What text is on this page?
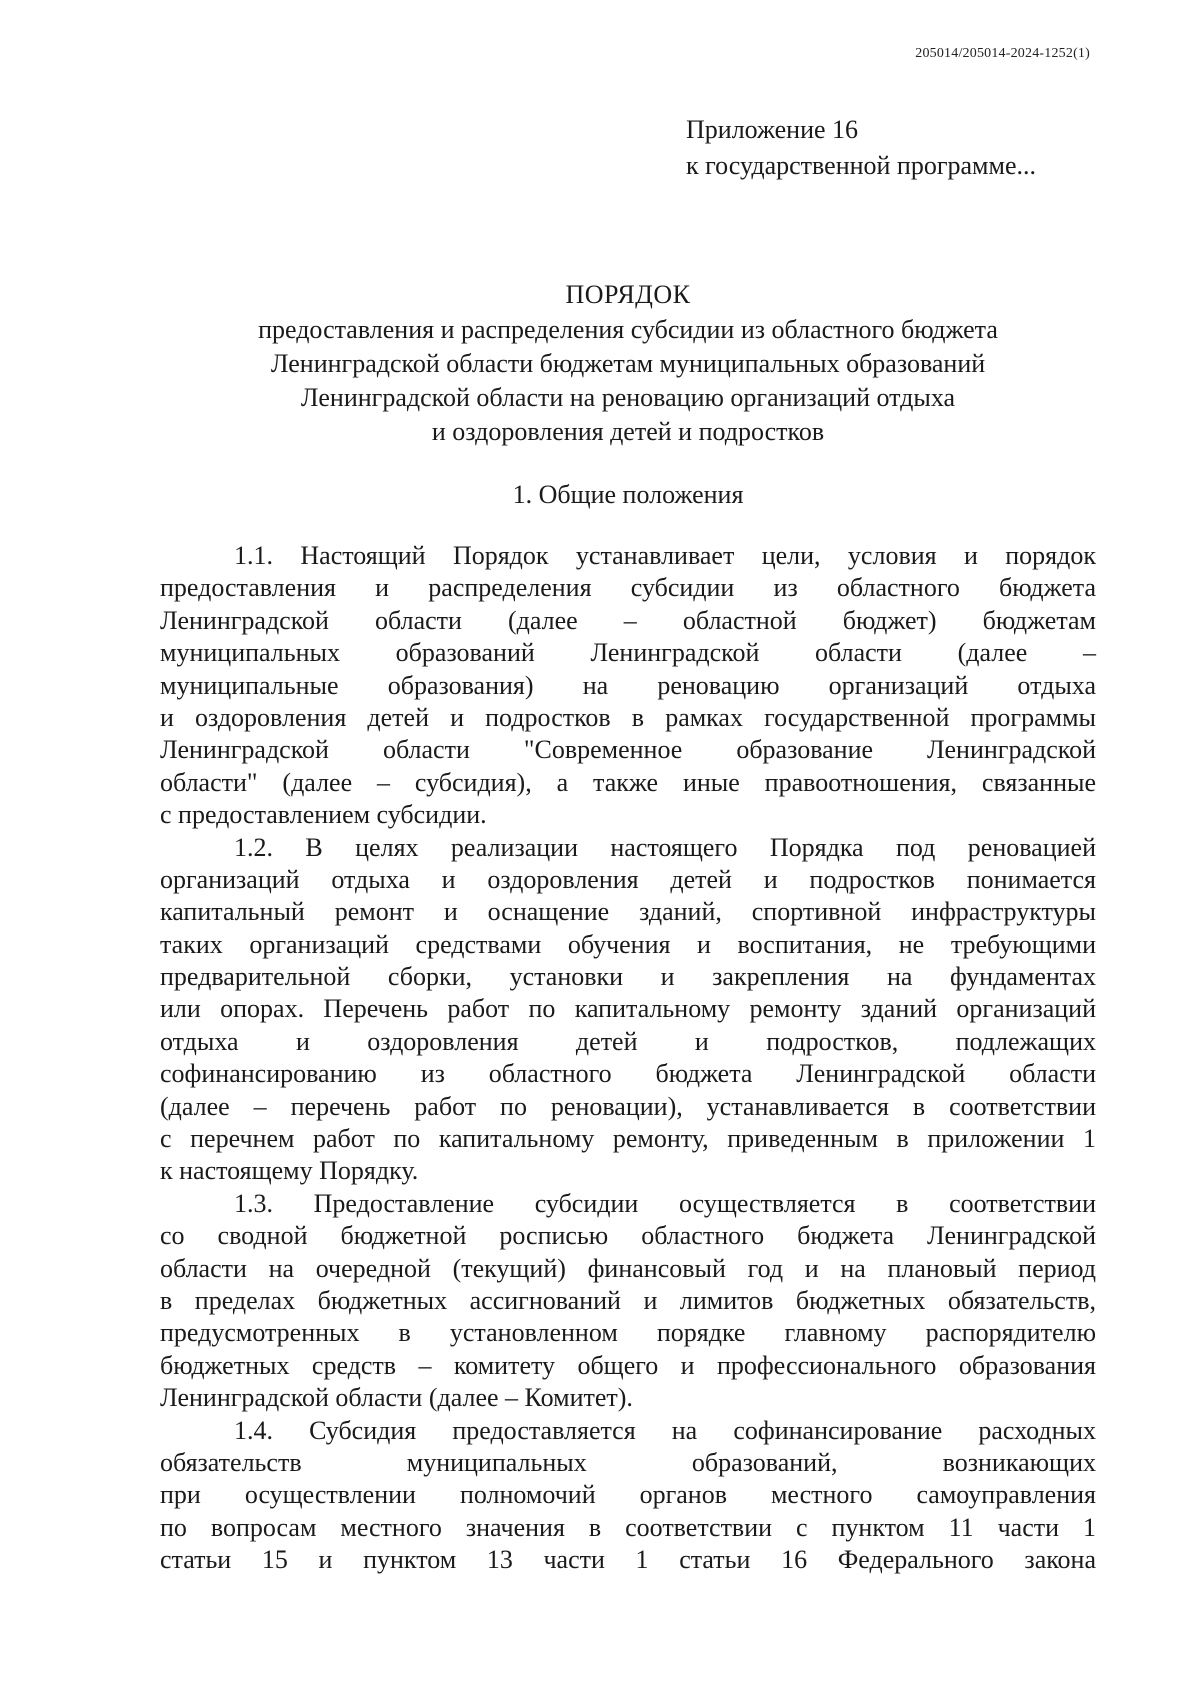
205014/205014-2024-1252(1)
Приложение 16
к государственной программе...
ПОРЯДОК
предоставления и распределения субсидии из областного бюджета
Ленинградской области бюджетам муниципальных образований
Ленинградской области на реновацию организаций отдыха
и оздоровления детей и подростков
1. Общие положения
1.1. Настоящий Порядок устанавливает цели, условия и порядок
предоставления и распределения субсидии из областного бюджета
Ленинградской области (далее – областной бюджет) бюджетам
муниципальных образований Ленинградской области (далее –
муниципальные образования) на реновацию организаций отдыха
и оздоровления детей и подростков в рамках государственной программы
Ленинградской области "Современное образование Ленинградской
области" (далее – субсидия), а также иные правоотношения, связанные
с предоставлением субсидии.
1.2. В целях реализации настоящего Порядка под реновацией
организаций отдыха и оздоровления детей и подростков понимается
капитальный ремонт и оснащение зданий, спортивной инфраструктуры
таких организаций средствами обучения и воспитания, не требующими
предварительной сборки, установки и закрепления на фундаментах
или опорах. Перечень работ по капитальному ремонту зданий организаций
отдыха и оздоровления детей и подростков, подлежащих
софинансированию из областного бюджета Ленинградской области
(далее – перечень работ по реновации), устанавливается в соответствии
с перечнем работ по капитальному ремонту, приведенным в приложении 1
к настоящему Порядку.
1.3. Предоставление субсидии осуществляется в соответствии
со сводной бюджетной росписью областного бюджета Ленинградской
области на очередной (текущий) финансовый год и на плановый период
в пределах бюджетных ассигнований и лимитов бюджетных обязательств,
предусмотренных в установленном порядке главному распорядителю
бюджетных средств – комитету общего и профессионального образования
Ленинградской области (далее – Комитет).
1.4. Субсидия предоставляется на софинансирование расходных
обязательств муниципальных образований, возникающих
при осуществлении полномочий органов местного самоуправления
по вопросам местного значения в соответствии с пунктом 11 части 1
статьи 15 и пунктом 13 части 1 статьи 16 Федерального закона
